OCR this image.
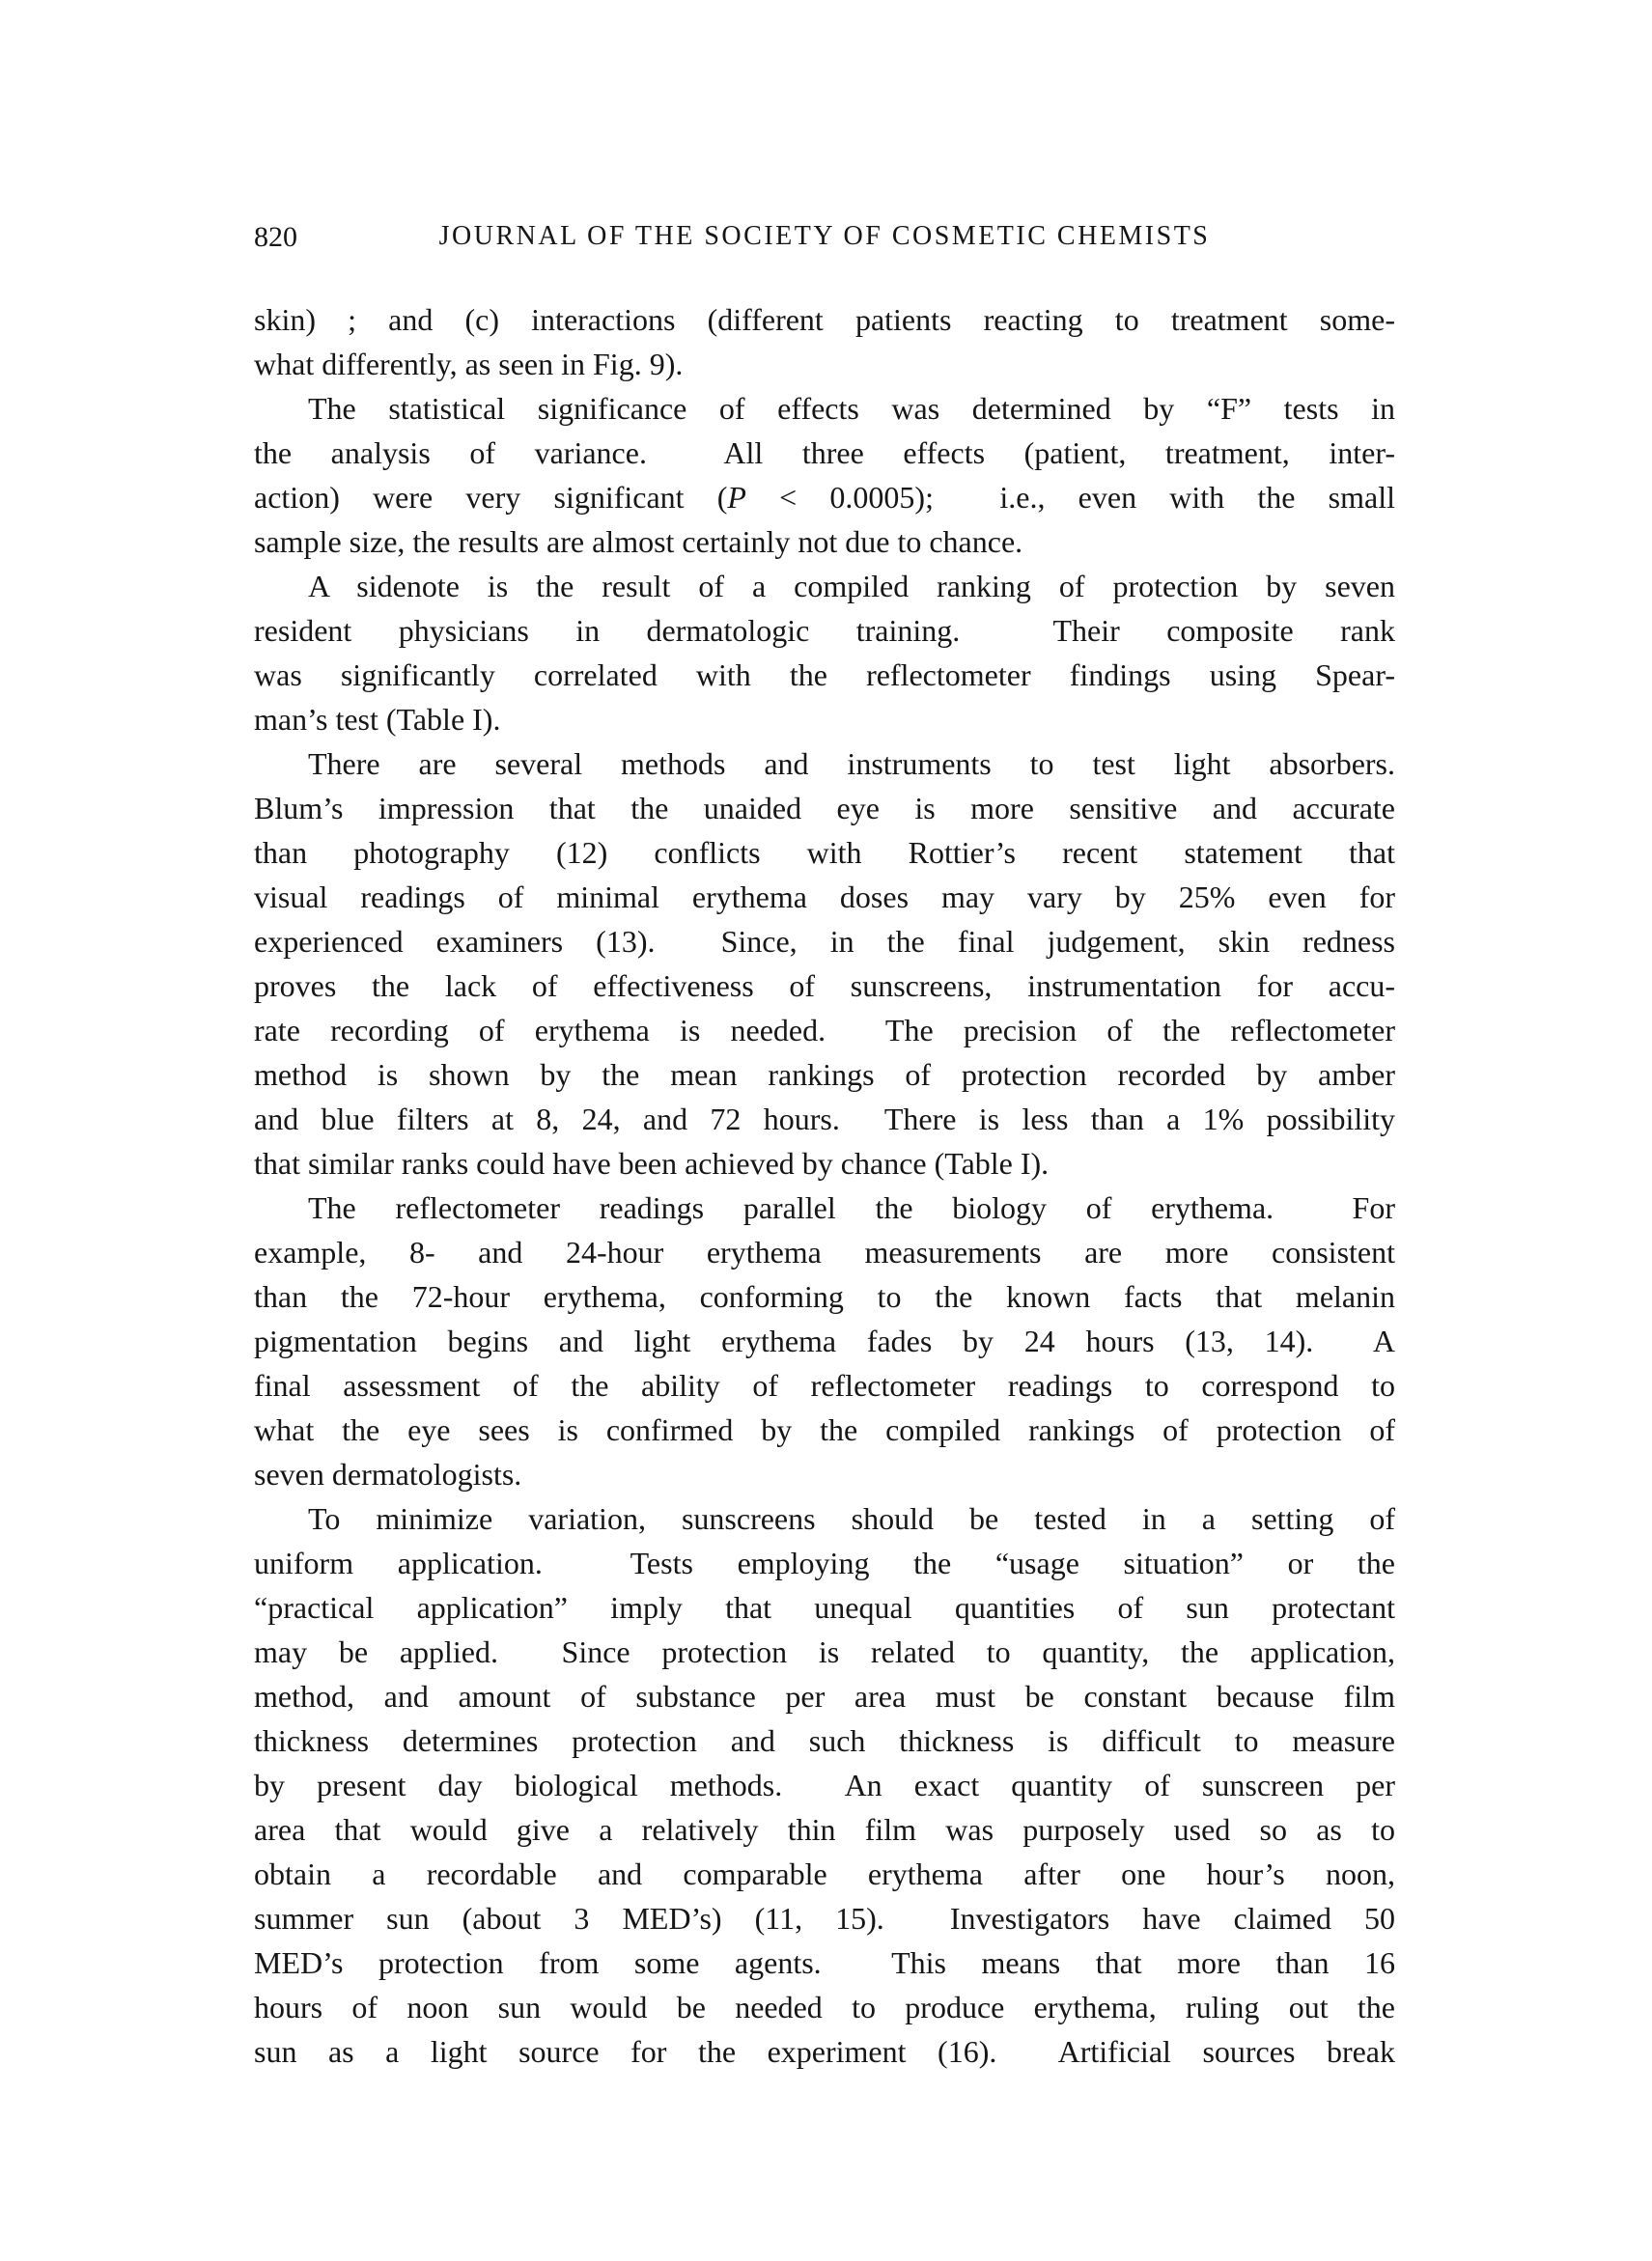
820	JOURNAL OF THE SOCIETY OF COSMETIC CHEMISTS
skin) ; and (c) interactions (different patients reacting to treatment some-
what differently, as seen in Fig. 9).
The statistical significance of effects was determined by “F” tests in
the analysis of variance.  All three effects (patient, treatment, inter-
action) were very significant (P < 0.0005);  i.e., even with the small
sample size, the results are almost certainly not due to chance.
A sidenote is the result of a compiled ranking of protection by seven
resident physicians in dermatologic training.  Their composite rank
was significantly correlated with the reflectometer findings using Spear-
man’s test (Table I).
There are several methods and instruments to test light absorbers.
Blum’s impression that the unaided eye is more sensitive and accurate
than photography (12) conflicts with Rottier’s recent statement that
visual readings of minimal erythema doses may vary by 25% even for
experienced examiners (13).  Since, in the final judgement, skin redness
proves the lack of effectiveness of sunscreens, instrumentation for accu-
rate recording of erythema is needed.  The precision of the reflectometer
method is shown by the mean rankings of protection recorded by amber
and blue filters at 8, 24, and 72 hours.  There is less than a 1% possibility
that similar ranks could have been achieved by chance (Table I).
The reflectometer readings parallel the biology of erythema.  For
example, 8- and 24-hour erythema measurements are more consistent
than the 72-hour erythema, conforming to the known facts that melanin
pigmentation begins and light erythema fades by 24 hours (13, 14).  A
final assessment of the ability of reflectometer readings to correspond to
what the eye sees is confirmed by the compiled rankings of protection of
seven dermatologists.
To minimize variation, sunscreens should be tested in a setting of
uniform application.  Tests employing the “usage situation” or the
“practical application” imply that unequal quantities of sun protectant
may be applied.  Since protection is related to quantity, the application,
method, and amount of substance per area must be constant because film
thickness determines protection and such thickness is difficult to measure
by present day biological methods.  An exact quantity of sunscreen per
area that would give a relatively thin film was purposely used so as to
obtain a recordable and comparable erythema after one hour’s noon,
summer sun (about 3 MED’s) (11, 15).  Investigators have claimed 50
MED’s protection from some agents.  This means that more than 16
hours of noon sun would be needed to produce erythema, ruling out the
sun as a light source for the experiment (16).  Artificial sources break
